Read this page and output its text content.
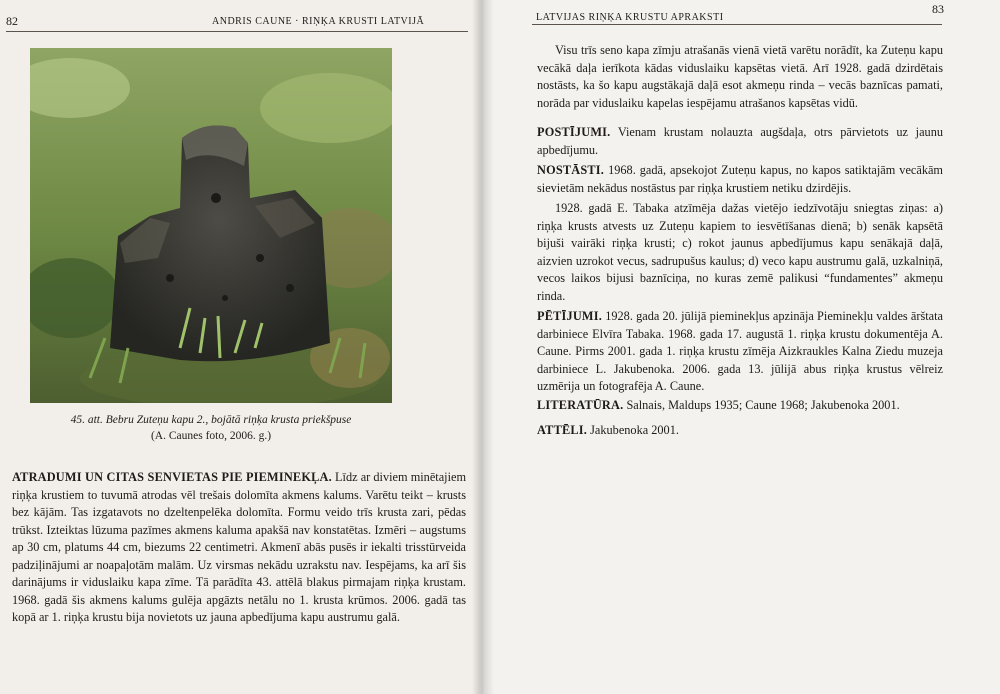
82	ANDRIS CAUNE · RIŅĶA KRUSTI LATVIJĀ
45. att. Bebru Zuteņu kapu 2., bojātā riņķa krusta priekšpuse
(A. Caunes foto, 2006. g.)
ATRADUMI UN CITAS SENVIETAS PIE PIEMINEKĻA. Līdz ar diviem minētajiem riņķa krustiem to tuvumā atrodas vēl trešais dolomīta akmens kalums. Varētu teikt – krusts bez kājām. Tas izgatavots no dzeltenpelēka dolomīta. Formu veido trīs krusta zari, pēdas trūkst. Izteiktas lūzuma pazīmes akmens kaluma apakšā nav konstatētas. Izmēri – augstums ap 30 cm, platums 44 cm, biezums 22 centimetri. Akmenī abās pusēs ir iekalti trisstūrveida padziļinājumi ar noapaļotām malām. Uz virsmas nekādu uzrakstu nav. Iespējams, ka arī šis darinājums ir viduslaiku kapa zīme. Tā parādīta 43. attēlā blakus pirmajam riņķa krustam. 1968. gadā šis akmens kalums gulēja apgāzts netālu no 1. krusta krūmos. 2006. gadā tas kopā ar 1. riņķa krustu bija novietots uz jauna apbedījuma kapu austrumu galā.
LATVIJAS RIŅĶA KRUSTU APRAKSTI
83
Visu trīs seno kapa zīmju atrašanās vienā vietā varētu norādīt, ka Zuteņu kapu vecākā daļa ierīkota kādas viduslaiku kapsētas vietā. Arī 1928. gadā dzirdētais nostāsts, ka šo kapu augstākajā daļā esot akmeņu rinda – vecās baznīcas pamati, norāda par viduslaiku kapelas iespējamu atrašanos kapsētas vidū.
POSTĪJUMI. Vienam krustam nolauzta augšdaļa, otrs pārvietots uz jaunu apbedījumu.
NOSTĀSTI. 1968. gadā, apsekojot Zuteņu kapus, no kapos satiktajām vecākām sievietām nekādus nostāstus par riņķa krustiem netiku dzirdējis.
1928. gadā E. Tabaka atzīmēja dažas vietējo iedzīvotāju sniegtas ziņas: a) riņķa krusts atvests uz Zuteņu kapiem to iesvētīšanas dienā; b) senāk kapsētā bijuši vairāki riņķa krusti; c) rokot jaunus apbedījumus kapu senākajā daļā, aizvien uzrokot vecus, sadrupušus kaulus; d) veco kapu austrumu galā, uzkalniņā, vecos laikos bijusi baznīciņa, no kuras zemē palikusi “fundamentes” akmeņu rinda.
PĒTĪJUMI. 1928. gada 20. jūlijā pieminekļus apzināja Pieminekļu valdes ārštata darbiniece Elvīra Tabaka. 1968. gada 17. augustā 1. riņķa krustu dokumentēja A. Caune. Pirms 2001. gada 1. riņķa krustu zīmēja Aizkraukles Kalna Ziedu muzeja darbiniece L. Jakubenoka. 2006. gada 13. jūlijā abus riņķa krustus vēlreiz uzmērija un fotografēja A. Caune.
LITERATŪRA. Salnais, Maldups 1935; Caune 1968; Jakubenoka 2001.
ATTĒLI. Jakubenoka 2001.
